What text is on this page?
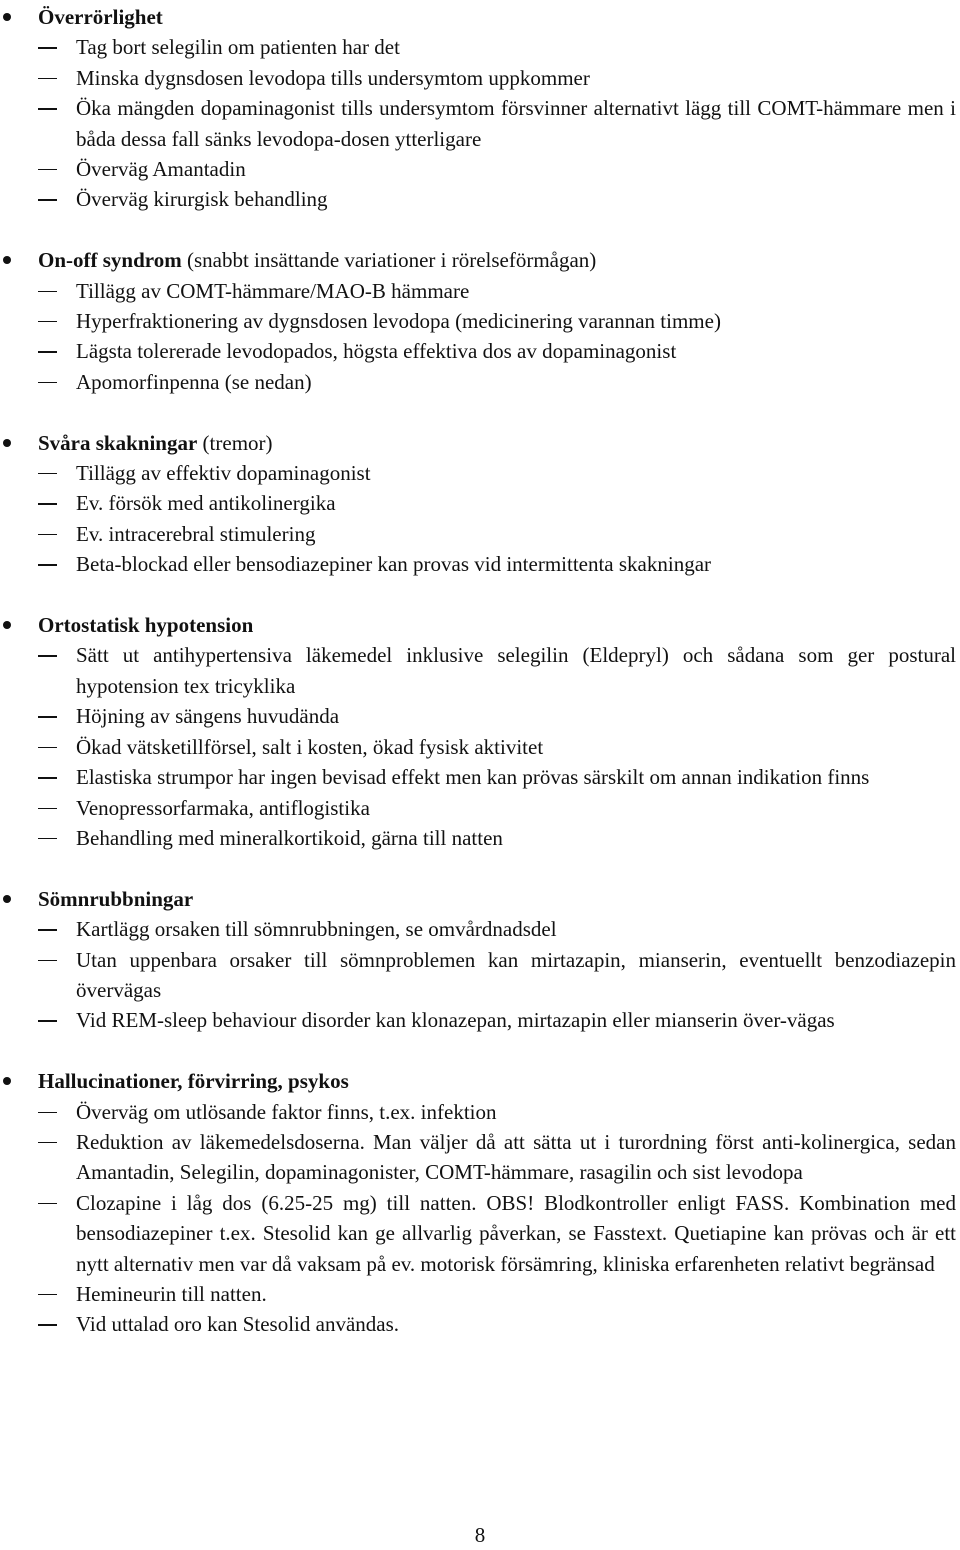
Överrörlighet
Tag bort selegilin om patienten har det
Minska dygnsdosen levodopa tills undersymtom uppkommer
Öka mängden dopaminagonist tills undersymtom försvinner alternativt lägg till COMT-hämmare men i båda dessa fall sänks levodopa-dosen ytterligare
Överväg Amantadin
Överväg kirurgisk behandling
On-off syndrom (snabbt insättande variationer i rörelseförmågan)
Tillägg av COMT-hämmare/MAO-B hämmare
Hyperfraktionering av dygnsdosen levodopa (medicinering varannan timme)
Lägsta tolererade levodopados, högsta effektiva dos av dopaminagonist
Apomorfinpenna (se nedan)
Svåra skakningar (tremor)
Tillägg av effektiv dopaminagonist
Ev. försök med antikolinergika
Ev. intracerebral stimulering
Beta-blockad eller bensodiazepiner kan provas vid intermittenta skakningar
Ortostatisk hypotension
Sätt ut antihypertensiva läkemedel inklusive selegilin (Eldepryl) och sådana som ger postural hypotension tex tricyklika
Höjning av sängens huvudända
Ökad vätsketillförsel, salt i kosten, ökad fysisk aktivitet
Elastiska strumpor har ingen bevisad effekt men kan prövas särskilt om annan indikation finns
Venopressorfarmaka, antiflogistika
Behandling med mineralkortikoid, gärna till natten
Sömnrubbningar
Kartlägg orsaken till sömnrubbningen, se omvårdnadsdel
Utan uppenbara orsaker till sömnproblemen kan mirtazapin, mianserin, eventuellt benzodiazepin övervägas
Vid REM-sleep behaviour disorder kan klonazepan, mirtazapin eller mianserin över-vägas
Hallucinationer, förvirring, psykos
Överväg om utlösande faktor finns, t.ex. infektion
Reduktion av läkemedelsdoserna. Man väljer då att sätta ut i turordning först anti-kolinergica, sedan Amantadin, Selegilin, dopaminagonister, COMT-hämmare, rasagilin och sist levodopa
Clozapine i låg dos (6.25-25 mg) till natten. OBS! Blodkontroller enligt FASS. Kombination med bensodiazepiner t.ex. Stesolid kan ge allvarlig påverkan, se Fasstext. Quetiapine kan prövas och är ett nytt alternativ men var då vaksam på ev. motorisk försämring, kliniska erfarenheten relativt begränsad
Hemineurin till natten.
Vid uttalad oro kan Stesolid användas.
8
